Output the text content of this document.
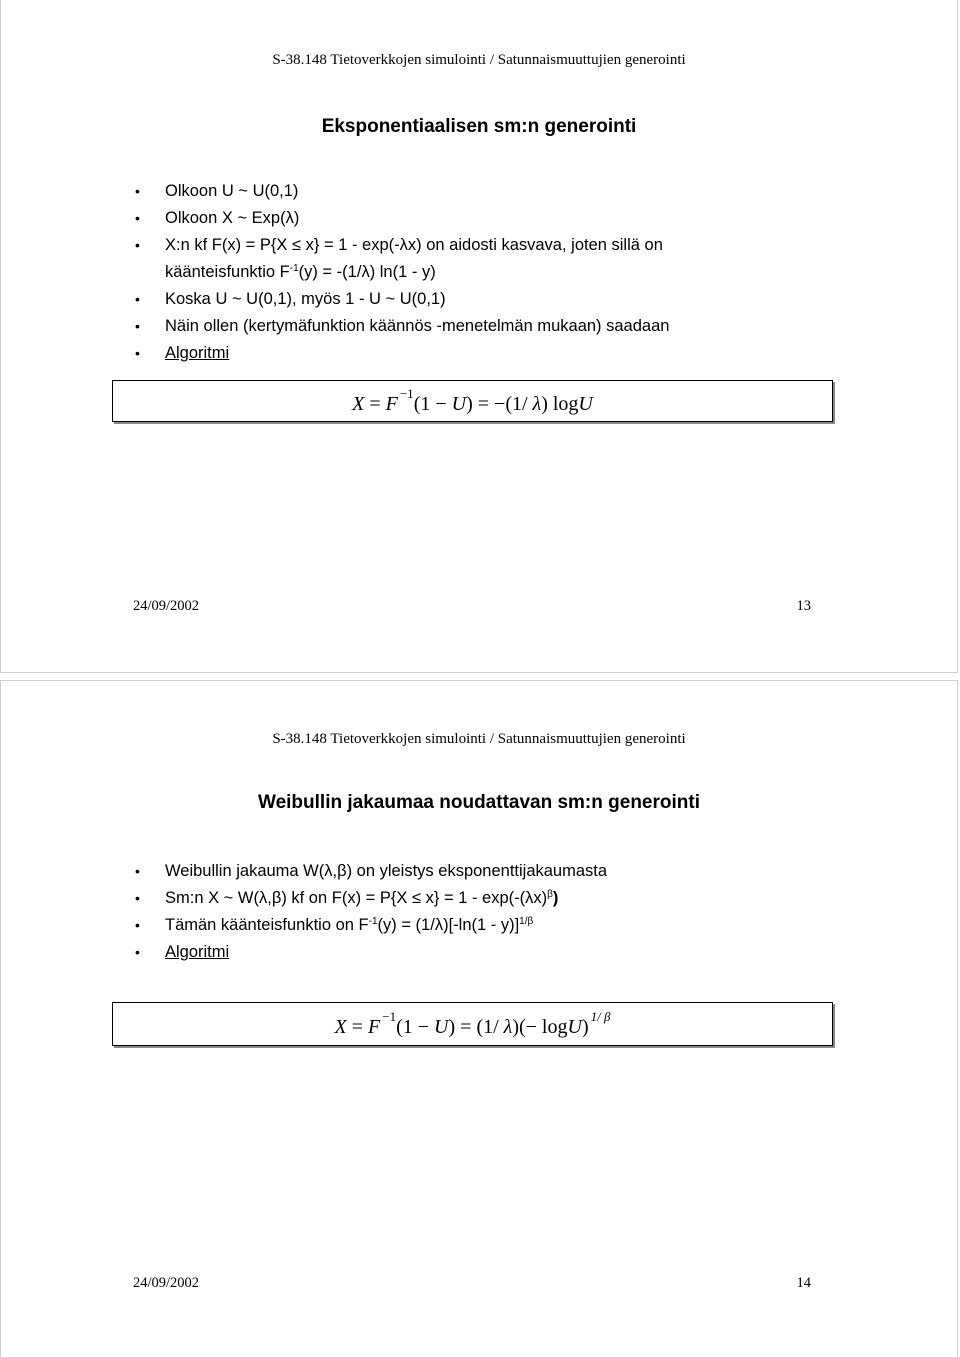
S-38.148 Tietoverkkojen simulointi / Satunnaismuuttujien generointi
Eksponentiaalisen sm:n generointi
• Olkoon U ~ U(0,1)
• Olkoon X ~ Exp(λ)
• X:n kf F(x) = P{X ≤ x} = 1 - exp(-λx) on aidosti kasvava, joten sillä on
käänteisfunktio $F^{-1}(y) = -(1/\lambda)$ ln(1 - y)
• Koska U ~ U(0,1), myös 1 - U ~ U(0,1)
• Näin ollen (kertymäfunktion käännös -menetelmän mukaan) saadaan
• Algoritmi
X = F $^{-1}$(1 − U) = −(1/ λ) logU
24/09/2002	13
S-38.148 Tietoverkkojen simulointi / Satunnaismuuttujien generointi
Weibullin jakaumaa noudattavan sm:n generointi
• Weibullin jakauma W(λ,β) on yleistys eksponenttijakaumasta
• Sm:n X ~ W(λ,β) kf on $F(x) = P\{X \le x\} = 1 - \exp(-(\lambda x)^\beta)$
• Tämän käänteisfunktio on $F^{-1}(y) = (1/\lambda)[-\ln(1 - y)]^{1/\beta}$
• Algoritmi
X = F $^{-1}$(1 − U) = (1/ λ)(− logU) $^{1/ \beta}$
24/09/2002	14
